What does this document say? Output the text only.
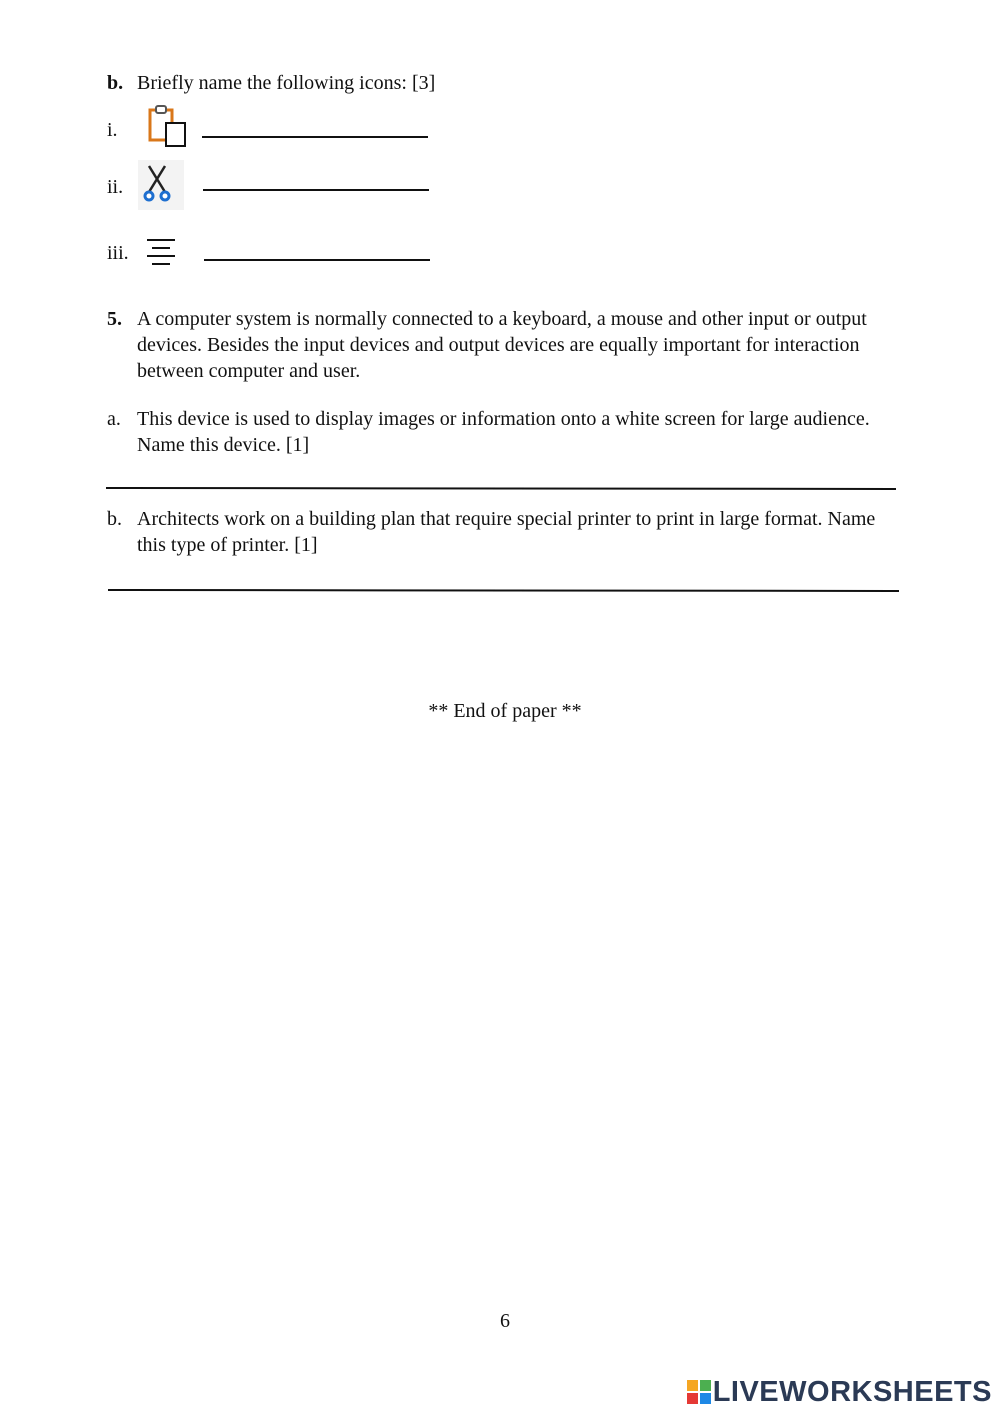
b. Briefly name the following icons: [3]
i.
ii.
iii.
5. A computer system is normally connected to a keyboard, a mouse and other input or output
devices. Besides the input devices and output devices are equally important for interaction
between computer and user.
a. This device is used to display images or information onto a white screen for large audience.
Name this device. [1]
b. Architects work on a building plan that require special printer to print in large format. Name
this type of printer. [1]
** End of paper **
6
LIVEWORKSHEETS
